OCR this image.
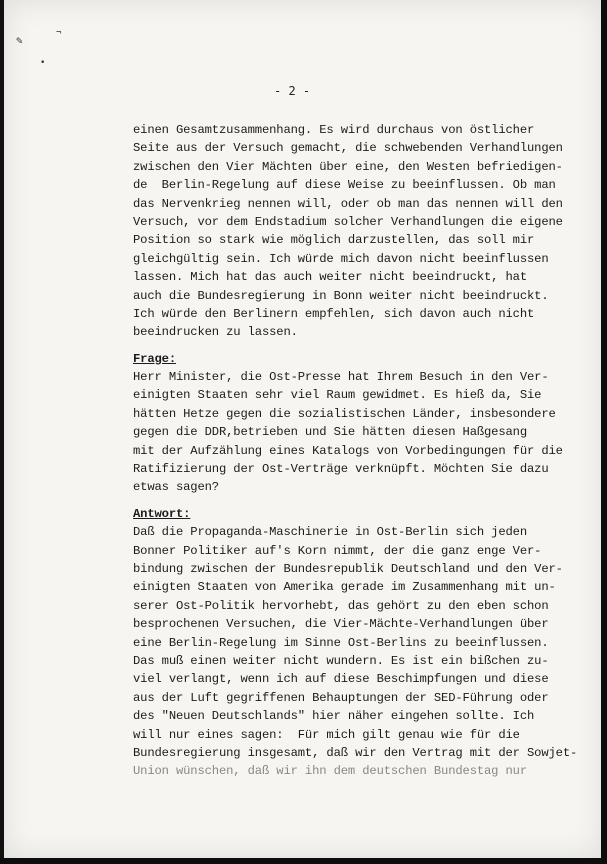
✎
¬
•
- 2 -
einen Gesamtzusammenhang. Es wird durchaus von östlicher
Seite aus der Versuch gemacht, die schwebenden Verhandlungen
zwischen den Vier Mächten über eine, den Westen befriedigen-
de  Berlin-Regelung auf diese Weise zu beeinflussen. Ob man
das Nervenkrieg nennen will, oder ob man das nennen will den
Versuch, vor dem Endstadium solcher Verhandlungen die eigene
Position so stark wie möglich darzustellen, das soll mir
gleichgültig sein. Ich würde mich davon nicht beeinflussen
lassen. Mich hat das auch weiter nicht beeindruckt, hat
auch die Bundesregierung in Bonn weiter nicht beeindruckt.
Ich würde den Berlinern empfehlen, sich davon auch nicht
beeindrucken zu lassen.
Frage:
Herr Minister, die Ost-Presse hat Ihrem Besuch in den Ver-
einigten Staaten sehr viel Raum gewidmet. Es hieß da, Sie
hätten Hetze gegen die sozialistischen Länder, insbesondere
gegen die DDR,betrieben und Sie hätten diesen Haßgesang
mit der Aufzählung eines Katalogs von Vorbedingungen für die
Ratifizierung der Ost-Verträge verknüpft. Möchten Sie dazu
etwas sagen?
Antwort:
Daß die Propaganda-Maschinerie in Ost-Berlin sich jeden
Bonner Politiker auf's Korn nimmt, der die ganz enge Ver-
bindung zwischen der Bundesrepublik Deutschland und den Ver-
einigten Staaten von Amerika gerade im Zusammenhang mit un-
serer Ost-Politik hervorhebt, das gehört zu den eben schon
besprochenen Versuchen, die Vier-Mächte-Verhandlungen über
eine Berlin-Regelung im Sinne Ost-Berlins zu beeinflussen.
Das muß einen weiter nicht wundern. Es ist ein bißchen zu-
viel verlangt, wenn ich auf diese Beschimpfungen und diese
aus der Luft gegriffenen Behauptungen der SED-Führung oder
des "Neuen Deutschlands" hier näher eingehen sollte. Ich
will nur eines sagen:  Für mich gilt genau wie für die
Bundesregierung insgesamt, daß wir den Vertrag mit der Sowjet-
Union wünschen, daß wir ihn dem deutschen Bundestag nur
